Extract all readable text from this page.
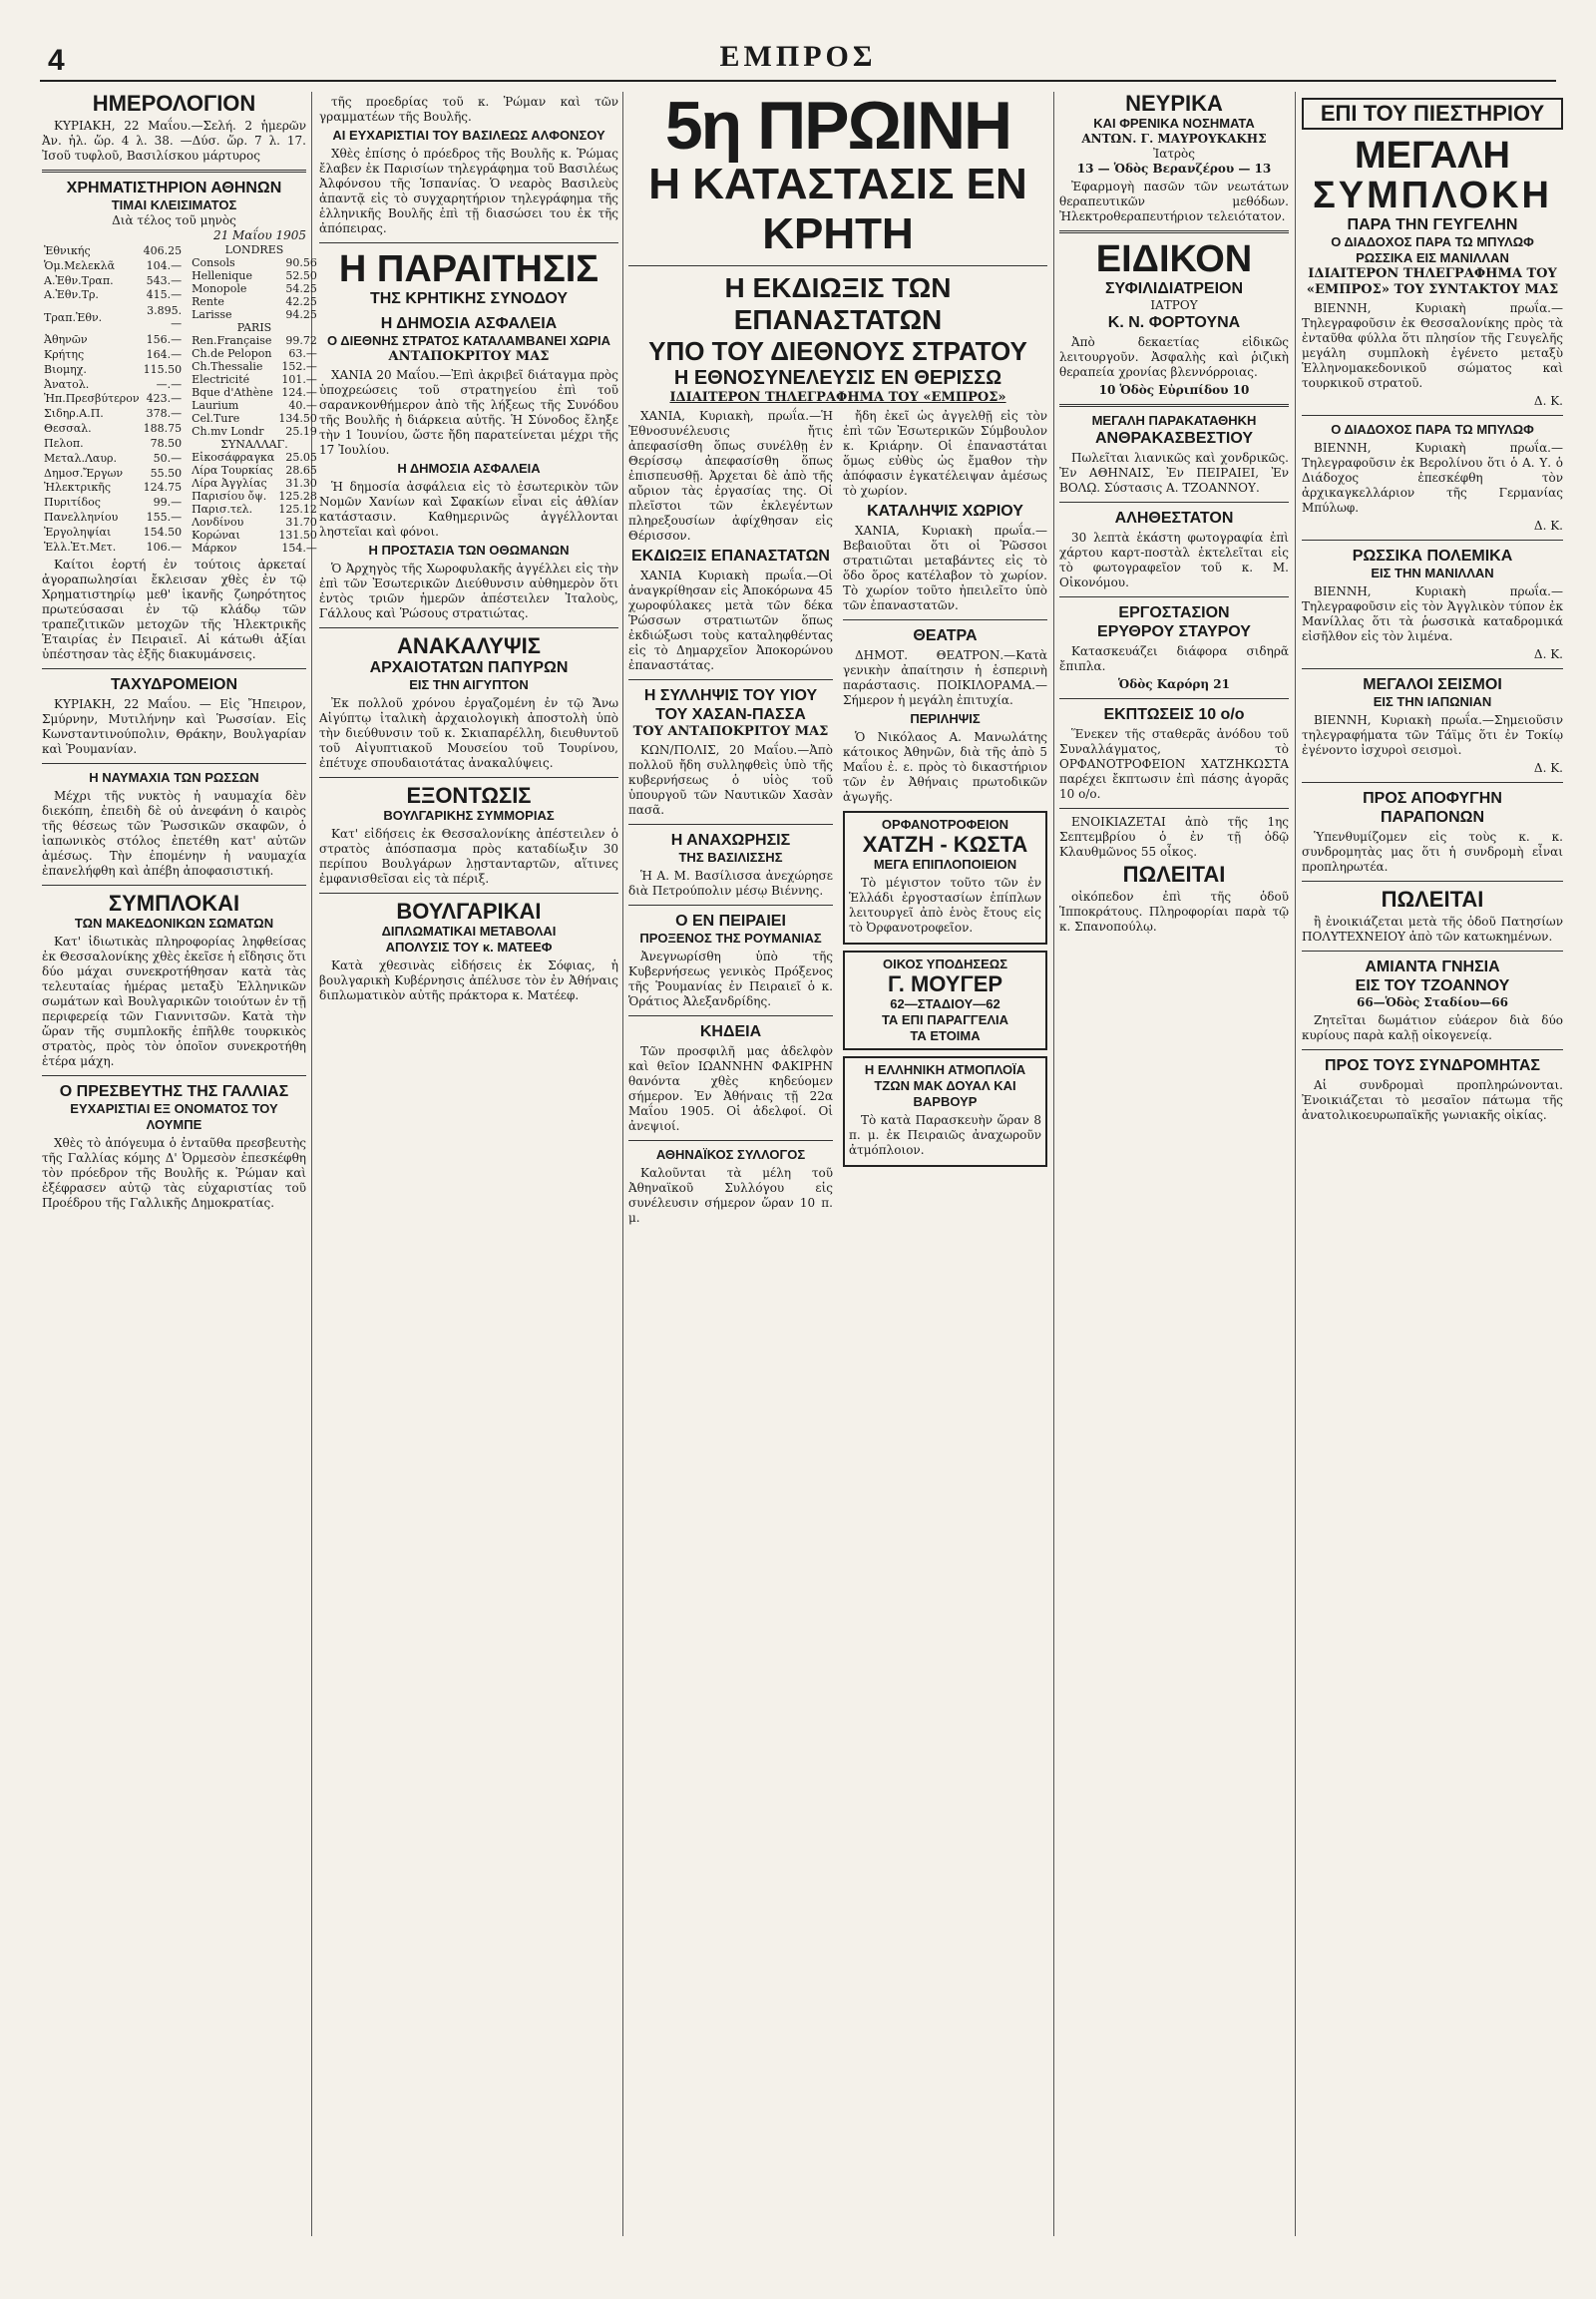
4	ΕΜΠΡΟΣ
ΗΜΕΡΟΛΟΓΙΟΝ

ΚΥΡΙΑΚΗ, 22 Μαΐου.—Σελή. 2 ἡμερῶν Ἀν. ἡλ. ὥρ. 4 λ. 38. —Δύσ. ὥρ. 7 λ. 17. Ἰσοῦ τυφλοῦ, Βασιλίσκου μάρτυρος

ΧΡΗΜΑΤΙΣΤΗΡΙΟΝ ΑΘΗΝΩΝ
ΤΙΜΑΙ ΚΛΕΙΣΙΜΑΤΟΣ
Διὰ τέλος τοῦ μηνὸς
21 Μαΐου 1905
Ἐθνικής	406.25
Ὁμ.Μελεκλᾶ	104.—
Α.Ἐθν.Τραπ.	543.—
Α.Ἐθν.Τρ.	415.—
Τραπ.Ἐθν.	3.895.—
Ἀθηνῶν	156.—
Κρήτης	164.—
Βιομηχ.	115.50
Ἀνατολ.	—.—
Ἠπ.Πρεσβύτερον	423.—
Σιδηρ.Α.Π.	378.—
Θεσσαλ.	188.75
Πελοπ.	78.50
Μεταλ.Λαυρ.	50.—
Δημοσ.Ἔργων	55.50
Ἠλεκτρικῆς	124.75
Πυριτίδος	99.—
Πανελληνίου	155.—
Ἐργοληψίαι	154.50
Ἑλλ.Ἐτ.Μετ.	106.—
LONDRES	
Consols	90.56
Hellenique	52.50
Monopole	54.25
Rente	42.25
Larisse	94.25
PARIS	
Ren.Française	99.72
Ch.de Pelopon	63.—
Ch.Thessalie	152.—
Electricité	101.—
Bque d'Athène	124.—
Laurium	40.—
Cel.Ture	134.50
Ch.mv Londr	25.19
ΣΥΝΑΛΛΑΓ.	
Εἰκοσάφραγκα	25.05
Λίρα Τουρκίας	28.65
Λίρα Ἀγγλίας	31.30
Παρισίου ὄψ.	125.28
Παρισ.τελ.	125.12
Λονδίνου	31.70
Κορώναι	131.50
Μάρκον	154.—

Καίτοι ἑορτή ἐν τούτοις ἀρκεταί ἀγοραπωλησίαι ἔκλεισαν χθὲς ἐν τῷ Χρηματιστηρίῳ μεθ' ἱκανῆς ζωηρότητος πρωτεύσασαι ἐν τῷ κλάδῳ τῶν τραπεζιτικῶν μετοχῶν τῆς Ἠλεκτρικῆς Ἑταιρίας ἐν Πειραιεῖ. Αἱ κάτωθι ἀξίαι ὑπέστησαν τὰς ἑξῆς διακυμάνσεις.

ΤΑΧΥΔΡΟΜΕΙΟΝ

ΚΥΡΙΑΚΗ, 22 Μαΐου. — Εἰς Ἤπειρον, Σμύρνην, Μυτιλήνην καὶ Ῥωσσίαν. Εἰς Κωνσταντινούπολιν, Θράκην, Βουλγαρίαν καὶ Ῥουμανίαν.

Η ΝΑΥΜΑΧΙΑ ΤΩΝ ΡΩΣΣΩΝ

Μέχρι τῆς νυκτὸς ἡ ναυμαχία δὲν διεκόπη, ἐπειδὴ δὲ οὐ ἀνεφάνη ὁ καιρὸς τῆς θέσεως τῶν Ῥωσσικῶν σκαφῶν, ὁ ἰαπωνικὸς στόλος ἐπετέθη κατ' αὐτῶν ἀμέσως. Τὴν ἐπομένην ἡ ναυμαχία ἐπανελήφθη καὶ ἀπέβη ἀποφασιστική.

ΣΥΜΠΛΟΚΑΙ
ΤΩΝ ΜΑΚΕΔΟΝΙΚΩΝ ΣΩΜΑΤΩΝ

Κατ' ἰδιωτικὰς πληροφορίας ληφθείσας ἐκ Θεσσαλονίκης χθὲς ἐκεῖσε ἡ εἴδησις ὅτι δύο μάχαι συνεκροτήθησαν κατὰ τὰς τελευταίας ἡμέρας μεταξὺ Ἑλληνικῶν σωμάτων καὶ Βουλγαρικῶν τοιούτων ἐν τῇ περιφερείᾳ τῶν Γιαννιτσῶν. Κατὰ τὴν ὥραν τῆς συμπλοκῆς ἐπῆλθε τουρκικὸς στρατὸς, πρὸς τὸν ὁποῖον συνεκροτήθη ἑτέρα μάχη.

Ο ΠΡΕΣΒΕΥΤΗΣ ΤΗΣ ΓΑΛΛΙΑΣ
ΕΥΧΑΡΙΣΤΙΑΙ ΕΞ ΟΝΟΜΑΤΟΣ ΤΟΥ ΛΟΥΜΠΕ

Χθὲς τὸ ἀπόγευμα ὁ ἐνταῦθα πρεσβευτὴς τῆς Γαλλίας κόμης Δ' Ὀρμεσὸν ἐπεσκέφθη τὸν πρόεδρον τῆς Βουλῆς κ. Ῥώμαν καὶ ἐξέφρασεν αὐτῷ τὰς εὐχαριστίας τοῦ Προέδρου τῆς Γαλλικῆς Δημοκρατίας.

τῆς προεδρίας τοῦ κ. Ῥώμαν καὶ τῶν γραμματέων τῆς Βουλῆς.

ΑΙ ΕΥΧΑΡΙΣΤΙΑΙ ΤΟΥ ΒΑΣΙΛΕΩΣ ΑΛΦΟΝΣΟΥ

Χθὲς ἐπίσης ὁ πρόεδρος τῆς Βουλῆς κ. Ῥώμας ἔλαβεν ἐκ Παρισίων τηλεγράφημα τοῦ Βασιλέως Ἀλφόνσου τῆς Ἱσπανίας. Ὁ νεαρὸς Βασιλεὺς ἀπαντᾷ εἰς τὸ συγχαρητήριον τηλεγράφημα τῆς ἑλληνικῆς Βουλῆς ἐπὶ τῇ διασώσει του ἐκ τῆς ἀπόπειρας.

Η ΠΑΡΑΙΤΗΣΙΣ
ΤΗΣ ΚΡΗΤΙΚΗΣ ΣΥΝΟΔΟΥ
Η ΔΗΜΟΣΙΑ ΑΣΦΑΛΕΙΑ
Ο ΔΙΕΘΝΗΣ ΣΤΡΑΤΟΣ ΚΑΤΑΛΑΜΒΑΝΕΙ ΧΩΡΙΑ
ΑΝΤΑΠΟΚΡΙΤΟΥ ΜΑΣ

ΧΑΝΙΑ 20 Μαΐου.—Ἐπὶ ἀκριβεῖ διάταγμα πρὸς ὑποχρεώσεις τοῦ στρατηγείου ἐπὶ τοῦ σαρανκονθήμερον ἀπὸ τῆς λήξεως τῆς Συνόδου τῆς Βουλῆς ἡ διάρκεια αὐτῆς. Ἡ Σύνοδος ἔληξε τὴν 1 Ἰουνίου, ὥστε ἤδη παρατείνεται μέχρι τῆς 17 Ἰουλίου.

Η ΔΗΜΟΣΙΑ ΑΣΦΑΛΕΙΑ

Ἡ δημοσία ἀσφάλεια εἰς τὸ ἐσωτερικὸν τῶν Νομῶν Χανίων καὶ Σφακίων εἶναι εἰς ἀθλίαν κατάστασιν. Καθημερινῶς ἀγγέλλονται ληστεῖαι καὶ φόνοι.

Η ΠΡΟΣΤΑΣΙΑ ΤΩΝ ΟΘΩΜΑΝΩΝ

Ὁ Ἀρχηγὸς τῆς Χωροφυλακῆς ἀγγέλλει εἰς τὴν ἐπὶ τῶν Ἐσωτερικῶν Διεύθυνσιν αὐθημερὸν ὅτι ἐντὸς τριῶν ἡμερῶν ἀπέστειλεν Ἰταλοὺς, Γάλλους καὶ Ῥώσους στρατιώτας.

ΑΝΑΚΑΛΥΨΙΣ
ΑΡΧΑΙΟΤΑΤΩΝ ΠΑΠΥΡΩΝ
ΕΙΣ ΤΗΝ ΑΙΓΥΠΤΟΝ

Ἐκ πολλοῦ χρόνου ἐργαζομένη ἐν τῷ Ἄνω Αἰγύπτῳ ἰταλικὴ ἀρχαιολογικὴ ἀποστολὴ ὑπὸ τὴν διεύθυνσιν τοῦ κ. Σκιαπαρέλλη, διευθυντοῦ τοῦ Αἰγυπτιακοῦ Μουσείου τοῦ Τουρίνου, ἐπέτυχε σπουδαιοτάτας ἀνακαλύψεις.

ΕΞΟΝΤΩΣΙΣ
ΒΟΥΛΓΑΡΙΚΗΣ ΣΥΜΜΟΡΙΑΣ

Κατ' εἰδήσεις ἐκ Θεσσαλονίκης ἀπέστειλεν ὁ στρατὸς ἀπόσπασμα πρὸς καταδίωξιν 30 περίπου Βουλγάρων λῃστανταρτῶν, αἵτινες ἐμφανισθεῖσαι εἰς τὰ πέριξ.

ΒΟΥΛΓΑΡΙΚΑΙ
ΔΙΠΛΩΜΑΤΙΚΑΙ ΜΕΤΑΒΟΛΑΙ
ΑΠΟΛΥΣΙΣ ΤΟΥ κ. ΜΑΤΕΕΦ

Κατὰ χθεσινὰς εἰδήσεις ἐκ Σόφιας, ἡ βουλγαρικὴ Κυβέρνησις ἀπέλυσε τὸν ἐν Ἀθήναις διπλωματικὸν αὐτῆς πράκτορα κ. Ματέεφ.

5η ΠΡΩΙΝΗ
Η ΚΑΤΑΣΤΑΣΙΣ ΕΝ ΚΡΗΤΗ
Η ΕΚΔΙΩΞΙΣ ΤΩΝ ΕΠΑΝΑΣΤΑΤΩΝ
ΥΠΟ ΤΟΥ ΔΙΕΘΝΟΥΣ ΣΤΡΑΤΟΥ
Η ΕΘΝΟΣΥΝΕΛΕΥΣΙΣ ΕΝ ΘΕΡΙΣΣΩ
ΙΔΙΑΙΤΕΡΟΝ ΤΗΛΕΓΡΑΦΗΜΑ ΤΟΥ «ΕΜΠΡΟΣ»

ΧΑΝΙΑ, Κυριακὴ, πρωΐα.—Ἡ Ἐθνοσυνέλευσις ἤτις ἀπεφασίσθη ὅπως συνέλθῃ ἐν Θερίσσῳ ἀπεφασίσθη ὅπως ἐπισπευσθῇ. Ἀρχεται δὲ ἀπὸ τῆς αὔριον τὰς ἐργασίας της. Οἱ πλεῖστοι τῶν ἐκλεγέντων πληρεξουσίων ἀφίχθησαν εἰς Θέρισσον.

ΕΚΔΙΩΞΙΣ ΕΠΑΝΑΣΤΑΤΩΝ

ΧΑΝΙΑ Κυριακὴ πρωΐα.—Οἱ ἀναγκρίθησαν εἰς Ἀποκόρωνα 45 χωροφύλακες μετὰ τῶν δέκα Ῥώσσων στρατιωτῶν ὅπως ἐκδιώξωσι τοὺς καταληφθέντας εἰς τὸ Δημαρχεῖον Ἀποκορώνου ἐπαναστάτας.

Η ΣΥΛΛΗΨΙΣ ΤΟΥ ΥΙΟΥ
ΤΟΥ ΧΑΣΑΝ-ΠΑΣΣΑ
ΤΟΥ ΑΝΤΑΠΟΚΡΙΤΟΥ ΜΑΣ

ΚΩΝ/ΠΟΛΙΣ, 20 Μαΐου.—Ἀπὸ πολλοῦ ἤδη συλληφθεὶς ὑπὸ τῆς κυβερνήσεως ὁ υἱὸς τοῦ ὑπουργοῦ τῶν Ναυτικῶν Χασὰν πασᾶ.

Η ΑΝΑΧΩΡΗΣΙΣ
ΤΗΣ ΒΑΣΙΛΙΣΣΗΣ

Ἡ Α. Μ. Βασίλισσα ἀνεχώρησε διὰ Πετρούπολιν μέσῳ Βιέννης.

Ο ΕΝ ΠΕΙΡΑΙΕΙ
ΠΡΟΞΕΝΟΣ ΤΗΣ ΡΟΥΜΑΝΙΑΣ

Ἀνεγνωρίσθη ὑπὸ τῆς Κυβερνήσεως γενικὸς Πρόξενος τῆς Ῥουμανίας ἐν Πειραιεῖ ὁ κ. Ὁράτιος Ἀλεξανδρίδης.

ΚΗΔΕΙΑ

Τῶν προσφιλῆ μας ἀδελφὸν καὶ θεῖον ΙΩΑΝΝΗΝ ΦΑΚΙΡΗΝ θανόντα χθὲς κηδεύομεν σήμερον. Ἐν Ἀθήναις τῇ 22α Μαΐου 1905. Οἱ ἀδελφοί. Οἱ ἀνεψιοί.

ΑΘΗΝΑΪΚΟΣ ΣΥΛΛΟΓΟΣ

Καλοῦνται τὰ μέλη τοῦ Ἀθηναϊκοῦ Συλλόγου εἰς συνέλευσιν σήμερον ὥραν 10 π. μ.

ἤδη ἐκεῖ ὡς ἀγγελθῇ εἰς τὸν ἐπὶ τῶν Ἐσωτερικῶν Σύμβουλον κ. Κριάρην. Οἱ ἐπαναστάται ὅμως εὐθὺς ὡς ἔμαθον τὴν ἀπόφασιν ἐγκατέλειψαν ἀμέσως τὸ χωρίον.

ΚΑΤΑΛΗΨΙΣ ΧΩΡΙΟΥ

ΧΑΝΙΑ, Κυριακὴ πρωΐα.—Βεβαιοῦται ὅτι οἱ Ῥῶσσοι στρατιῶται μεταβάντες εἰς τὸ ὅδο ὅρος κατέλαβον τὸ χωρίον. Τὸ χωρίον τοῦτο ἠπειλεῖτο ὑπὸ τῶν ἐπαναστατῶν.

ΘΕΑΤΡΑ

ΔΗΜΟΤ. ΘΕΑΤΡΟΝ.—Κατὰ γενικὴν ἀπαίτησιν ἡ ἑσπερινὴ παράστασις. ΠΟΙΚΙΛΟΡΑΜΑ.—Σήμερον ἡ μεγάλη ἐπιτυχία.

ΠΕΡΙΛΗΨΙΣ

Ὁ Νικόλαος Α. Μανωλάτης κάτοικος Ἀθηνῶν, διὰ τῆς ἀπὸ 5 Μαΐου ἐ. ε. πρὸς τὸ δικαστήριον τῶν ἐν Ἀθήναις πρωτοδικῶν ἀγωγῆς.

ΟΡΦΑΝΟΤΡΟΦΕΙΟΝ
ΧΑΤΖΗ - ΚΩΣΤΑ
ΜΕΓΑ ΕΠΙΠΛΟΠΟΙΕΙΟΝ

Τὸ μέγιστον τοῦτο τῶν ἐν Ἑλλάδι ἐργοστασίων ἐπίπλων λειτουργεῖ ἀπὸ ἑνὸς ἔτους εἰς τὸ Ὀρφανοτροφεῖον.

ΟΙΚΟΣ ΥΠΟΔΗΣΕΩΣ
Γ. ΜΟΥΓΕΡ
62—ΣΤΑΔΙΟΥ—62
ΤΑ ΕΠΙ ΠΑΡΑΓΓΕΛΙΑ
ΤΑ ΕΤΟΙΜΑ
Η ΕΛΛΗΝΙΚΗ ΑΤΜΟΠΛΟΪΑ
ΤΖΩΝ ΜΑΚ ΔΟΥΑΛ ΚΑΙ ΒΑΡΒΟΥΡ

Τὸ κατὰ Παρασκευὴν ὥραν 8 π. μ. ἐκ Πειραιῶς ἀναχωροῦν ἀτμόπλοιον.

ΝΕΥΡΙΚΑ
ΚΑΙ ΦΡΕΝΙΚΑ ΝΟΣΗΜΑΤΑ
ΑΝΤΩΝ. Γ. ΜΑΥΡΟΥΚΑΚΗΣ
Ἰατρὸς
13 — Ὁδὸς Βερανζέρου — 13

Ἐφαρμογὴ πασῶν τῶν νεωτάτων θεραπευτικῶν μεθόδων. Ἠλεκτροθεραπευτήριον τελειότατον.

ΕΙΔΙΚΟΝ
ΣΥΦΙΛΙΔΙΑΤΡΕΙΟΝ
ΙΑΤΡΟΥ
Κ. Ν. ΦΟΡΤΟΥΝΑ

Ἀπὸ δεκαετίας εἰδικῶς λειτουργοῦν. Ἀσφαλὴς καὶ ῥιζικὴ θεραπεία χρονίας βλεννόρροιας.

10 Ὁδὸς Εὐριπίδου 10
ΜΕΓΑΛΗ ΠΑΡΑΚΑΤΑΘΗΚΗ
ΑΝΘΡΑΚΑΣΒΕΣΤΙΟΥ

Πωλεῖται λιανικῶς καὶ χονδρικῶς. Ἐν ΑΘΗΝΑΙΣ, Ἐν ΠΕΙΡΑΙΕΙ, Ἐν ΒΟΛῼ. Σύστασις Α. ΤΖΟΑΝΝΟΥ.

ΑΛΗΘΕΣΤΑΤΟΝ

30 λεπτὰ ἑκάστη φωτογραφία ἐπὶ χάρτου καρτ-ποστὰλ ἐκτελεῖται εἰς τὸ φωτογραφεῖον τοῦ κ. Μ. Οἰκονόμου.

ΕΡΓΟΣΤΑΣΙΟΝ
ΕΡΥΘΡΟΥ ΣΤΑΥΡΟΥ

Κατασκευάζει διάφορα σιδηρᾶ ἔπιπλα.

Ὁδὸς Καρόρη 21
ΕΚΠΤΩΣΕΙΣ 10 ο/ο

Ἕνεκεν τῆς σταθερᾶς ἀνόδου τοῦ Συναλλάγματος, τὸ ΟΡΦΑΝΟΤΡΟΦΕΙΟΝ ΧΑΤΖΗΚΩΣΤΑ παρέχει ἔκπτωσιν ἐπὶ πάσης ἀγορᾶς 10 ο/ο.

ΕΝΟΙΚΙΑΖΕΤΑΙ ἀπὸ τῆς 1ης Σεπτεμβρίου ὁ ἐν τῇ ὁδῷ Κλαυθμῶνος 55 οἶκος.

ΠΩΛΕΙΤΑΙ

οἰκόπεδον ἐπὶ τῆς ὁδοῦ Ἱπποκράτους. Πληροφορίαι παρὰ τῷ κ. Σπανοπούλῳ.

ΕΠΙ ΤΟΥ ΠΙΕΣΤΗΡΙΟΥ
ΜΕΓΑΛΗ
ΣΥΜΠΛΟΚΗ
ΠΑΡΑ ΤΗΝ ΓΕΥΓΕΛΗΝ
Ο ΔΙΑΔΟΧΟΣ ΠΑΡΑ ΤΩ ΜΠΥΛΩΦ
ΡΩΣΣΙΚΑ ΕΙΣ ΜΑΝΙΛΛΑΝ
ΙΔΙΑΙΤΕΡΟΝ ΤΗΛΕΓΡΑΦΗΜΑ ΤΟΥ «ΕΜΠΡΟΣ» ΤΟΥ ΣΥΝΤΑΚΤΟΥ ΜΑΣ

ΒΙΕΝΝΗ, Κυριακὴ πρωΐα.—Τηλεγραφοῦσιν ἐκ Θεσσαλονίκης πρὸς τὰ ἐνταῦθα φύλλα ὅτι πλησίον τῆς Γευγελῆς μεγάλη συμπλοκὴ ἐγένετο μεταξὺ Ἑλληνομακεδονικοῦ σώματος καὶ τουρκικοῦ στρατοῦ.

Δ. Κ.
Ο ΔΙΑΔΟΧΟΣ ΠΑΡΑ ΤΩ ΜΠΥΛΩΦ

ΒΙΕΝΝΗ, Κυριακὴ πρωΐα.—Τηλεγραφοῦσιν ἐκ Βερολίνου ὅτι ὁ Α. Υ. ὁ Διάδοχος ἐπεσκέφθη τὸν ἀρχικαγκελλάριον τῆς Γερμανίας Μπύλωφ.

Δ. Κ.
ΡΩΣΣΙΚΑ ΠΟΛΕΜΙΚΑ
ΕΙΣ ΤΗΝ ΜΑΝΙΛΛΑΝ

ΒΙΕΝΝΗ, Κυριακὴ πρωΐα.—Τηλεγραφοῦσιν εἰς τὸν Ἀγγλικὸν τύπον ἐκ Μανίλλας ὅτι τὰ ῥωσσικὰ καταδρομικά εἰσῆλθον εἰς τὸν λιμένα.

Δ. Κ.
ΜΕΓΑΛΟΙ ΣΕΙΣΜΟΙ
ΕΙΣ ΤΗΝ ΙΑΠΩΝΙΑΝ

ΒΙΕΝΝΗ, Κυριακὴ πρωΐα.—Σημειοῦσιν τηλεγραφήματα τῶν Τάϊμς ὅτι ἐν Τοκίῳ ἐγένοντο ἰσχυροὶ σεισμοὶ.

Δ. Κ.
ΠΡΟΣ ΑΠΟΦΥΓΗΝ
ΠΑΡΑΠΟΝΩΝ

Ὑπενθυμίζομεν εἰς τοὺς κ. κ. συνδρομητὰς μας ὅτι ἡ συνδρομὴ εἶναι προπληρωτέα.

ΠΩΛΕΙΤΑΙ

ἢ ἐνοικιάζεται μετὰ τῆς ὁδοῦ Πατησίων ΠΟΛΥΤΕΧΝΕΙΟΥ ἀπὸ τῶν κατωκημένων.

ΑΜΙΑΝΤΑ ΓΝΗΣΙΑ
ΕΙΣ ΤΟΥ ΤΖΟΑΝΝΟΥ
66—Ὁδὸς Σταδίου—66

Ζητεῖται δωμάτιον εὐάερον διὰ δύο κυρίους παρὰ καλῇ οἰκογενείᾳ.

ΠΡΟΣ ΤΟΥΣ ΣΥΝΔΡΟΜΗΤΑΣ

Αἱ συνδρομαὶ προπληρώνονται. Ἐνοικιάζεται τὸ μεσαῖον πάτωμα τῆς ἀνατολικοευρωπαϊκῆς γωνιακῆς οἰκίας.
